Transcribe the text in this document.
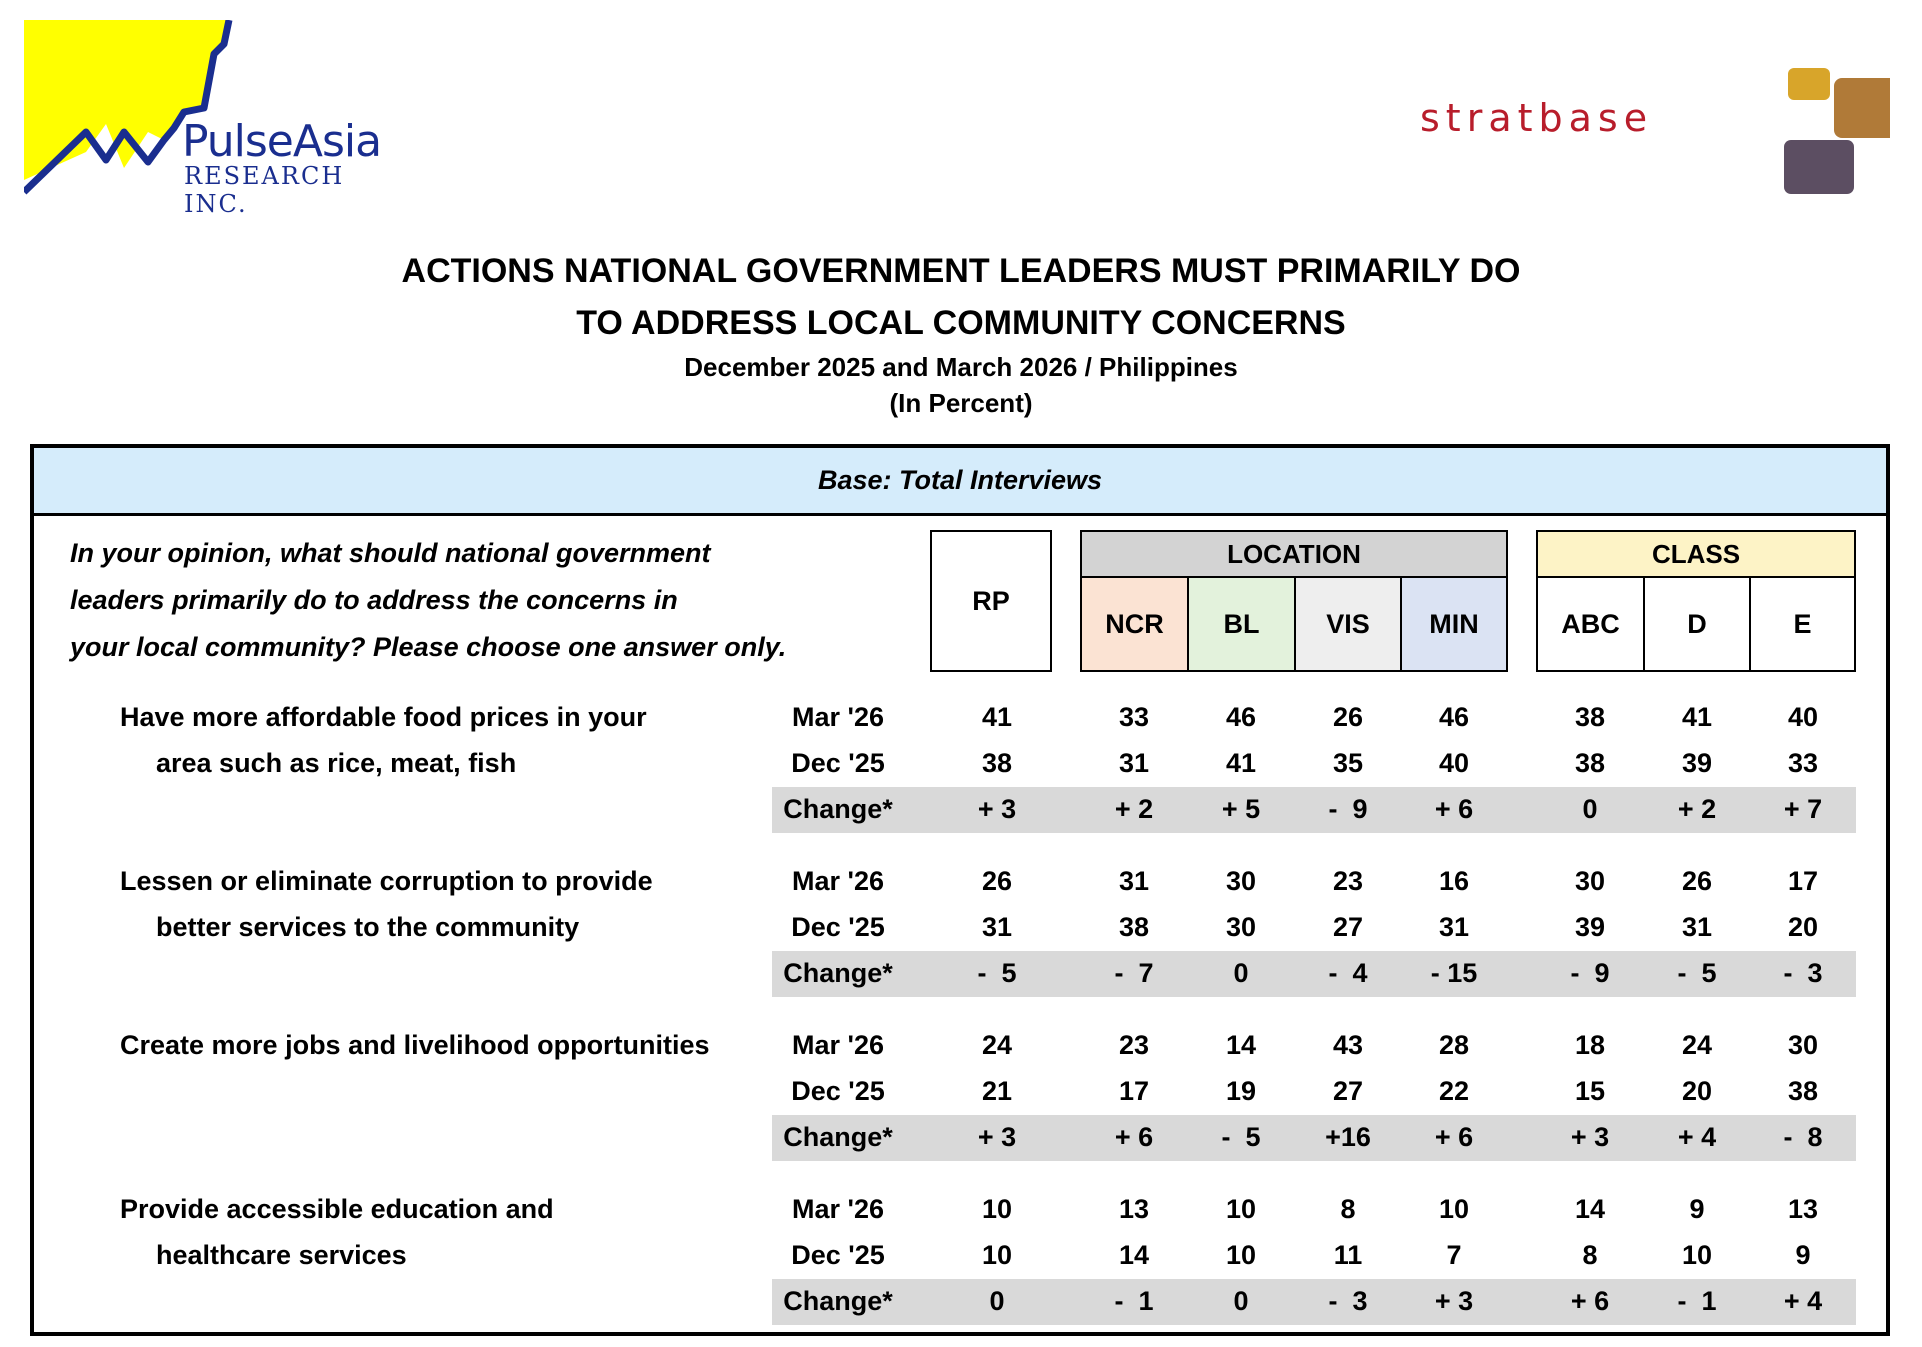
PulseAsia
RESEARCH INC.
stratbase
ACTIONS NATIONAL GOVERNMENT LEADERS MUST PRIMARILY DO
TO ADDRESS LOCAL COMMUNITY CONCERNS
December 2025 and March 2026 / Philippines
(In Percent)
Base: Total Interviews
In your opinion, what should national government
leaders primarily do to address the concerns in
your local community? Please choose one answer only.
RP
LOCATION	CLASS
NCR	BL	VIS	MIN	ABC	D	E
Have more affordable food prices in your
area such as rice, meat, fish
Mar '26	41	33	46	26	46	38	41	40
Dec '25	38	31	41	35	40	38	39	33
Change*	+ 3	+ 2	+ 5	-  9	+ 6	0	+ 2	+ 7
Lessen or eliminate corruption to provide
better services to the community
Mar '26	26	31	30	23	16	30	26	17
Dec '25	31	38	30	27	31	39	31	20
Change*	-  5	-  7	0	-  4	- 15	-  9	-  5	-  3
Create more jobs and livelihood opportunities	Mar '26	24	23	14	43	28	18	24	30
Dec '25	21	17	19	27	22	15	20	38
Change*	+ 3	+ 6	-  5	+16	+ 6	+ 3	+ 4	-  8
Provide accessible education and
healthcare services
Mar '26	10	13	10	8	10	14	9	13
Dec '25	10	14	10	11	7	8	10	9
Change*	0	-  1	0	-  3	+ 3	+ 6	-  1	+ 4
